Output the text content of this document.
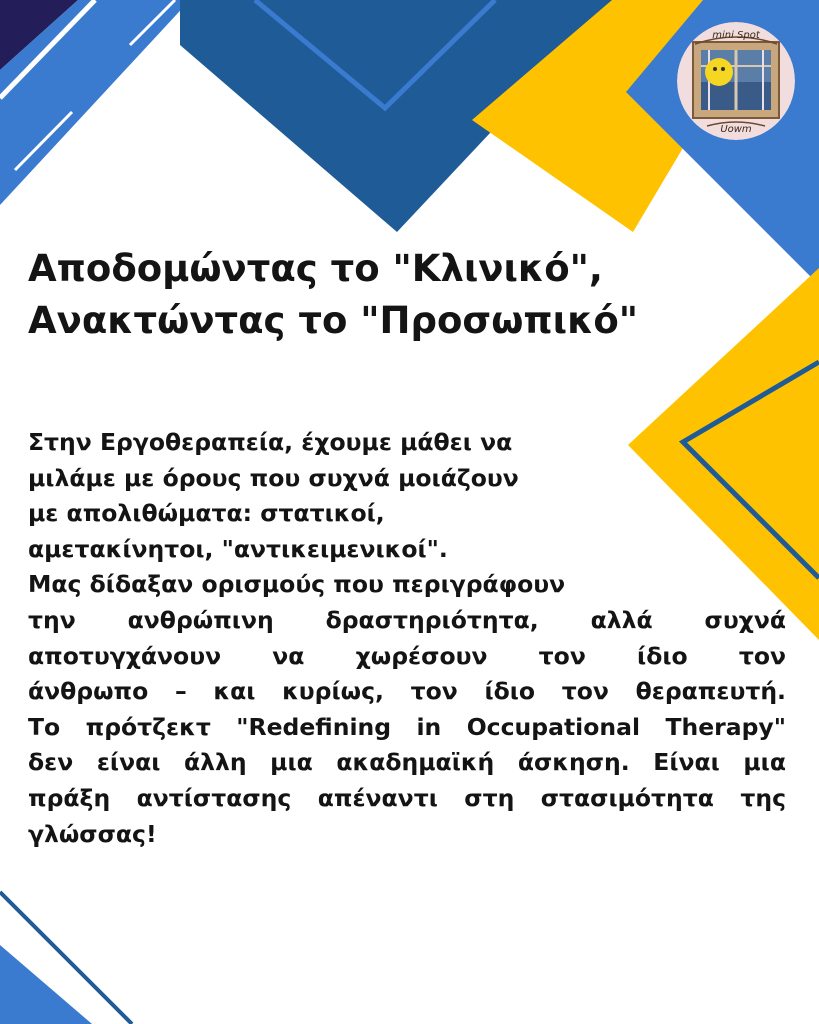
mini Spot
Uowm
Αποδομώντας το "Κλινικό",
Ανακτώντας το "Προσωπικό"
Στην Εργοθεραπεία, έχουμε μάθει να
μιλάμε με όρους που συχνά μοιάζουν
με απολιθώματα: στατικοί,
αμετακίνητοι, "αντικειμενικοί".
Μας δίδαξαν ορισμούς που περιγράφουν
την ανθρώπινη δραστηριότητα, αλλά συχνά
αποτυγχάνουν να χωρέσουν τον ίδιο τον
άνθρωπο – και κυρίως, τον ίδιο τον θεραπευτή.
Το πρότζεκτ "Redefining in Occupational Therapy"
δεν είναι άλλη μια ακαδημαϊκή άσκηση. Είναι μια
πράξη αντίστασης απέναντι στη στασιμότητα της
γλώσσας!
